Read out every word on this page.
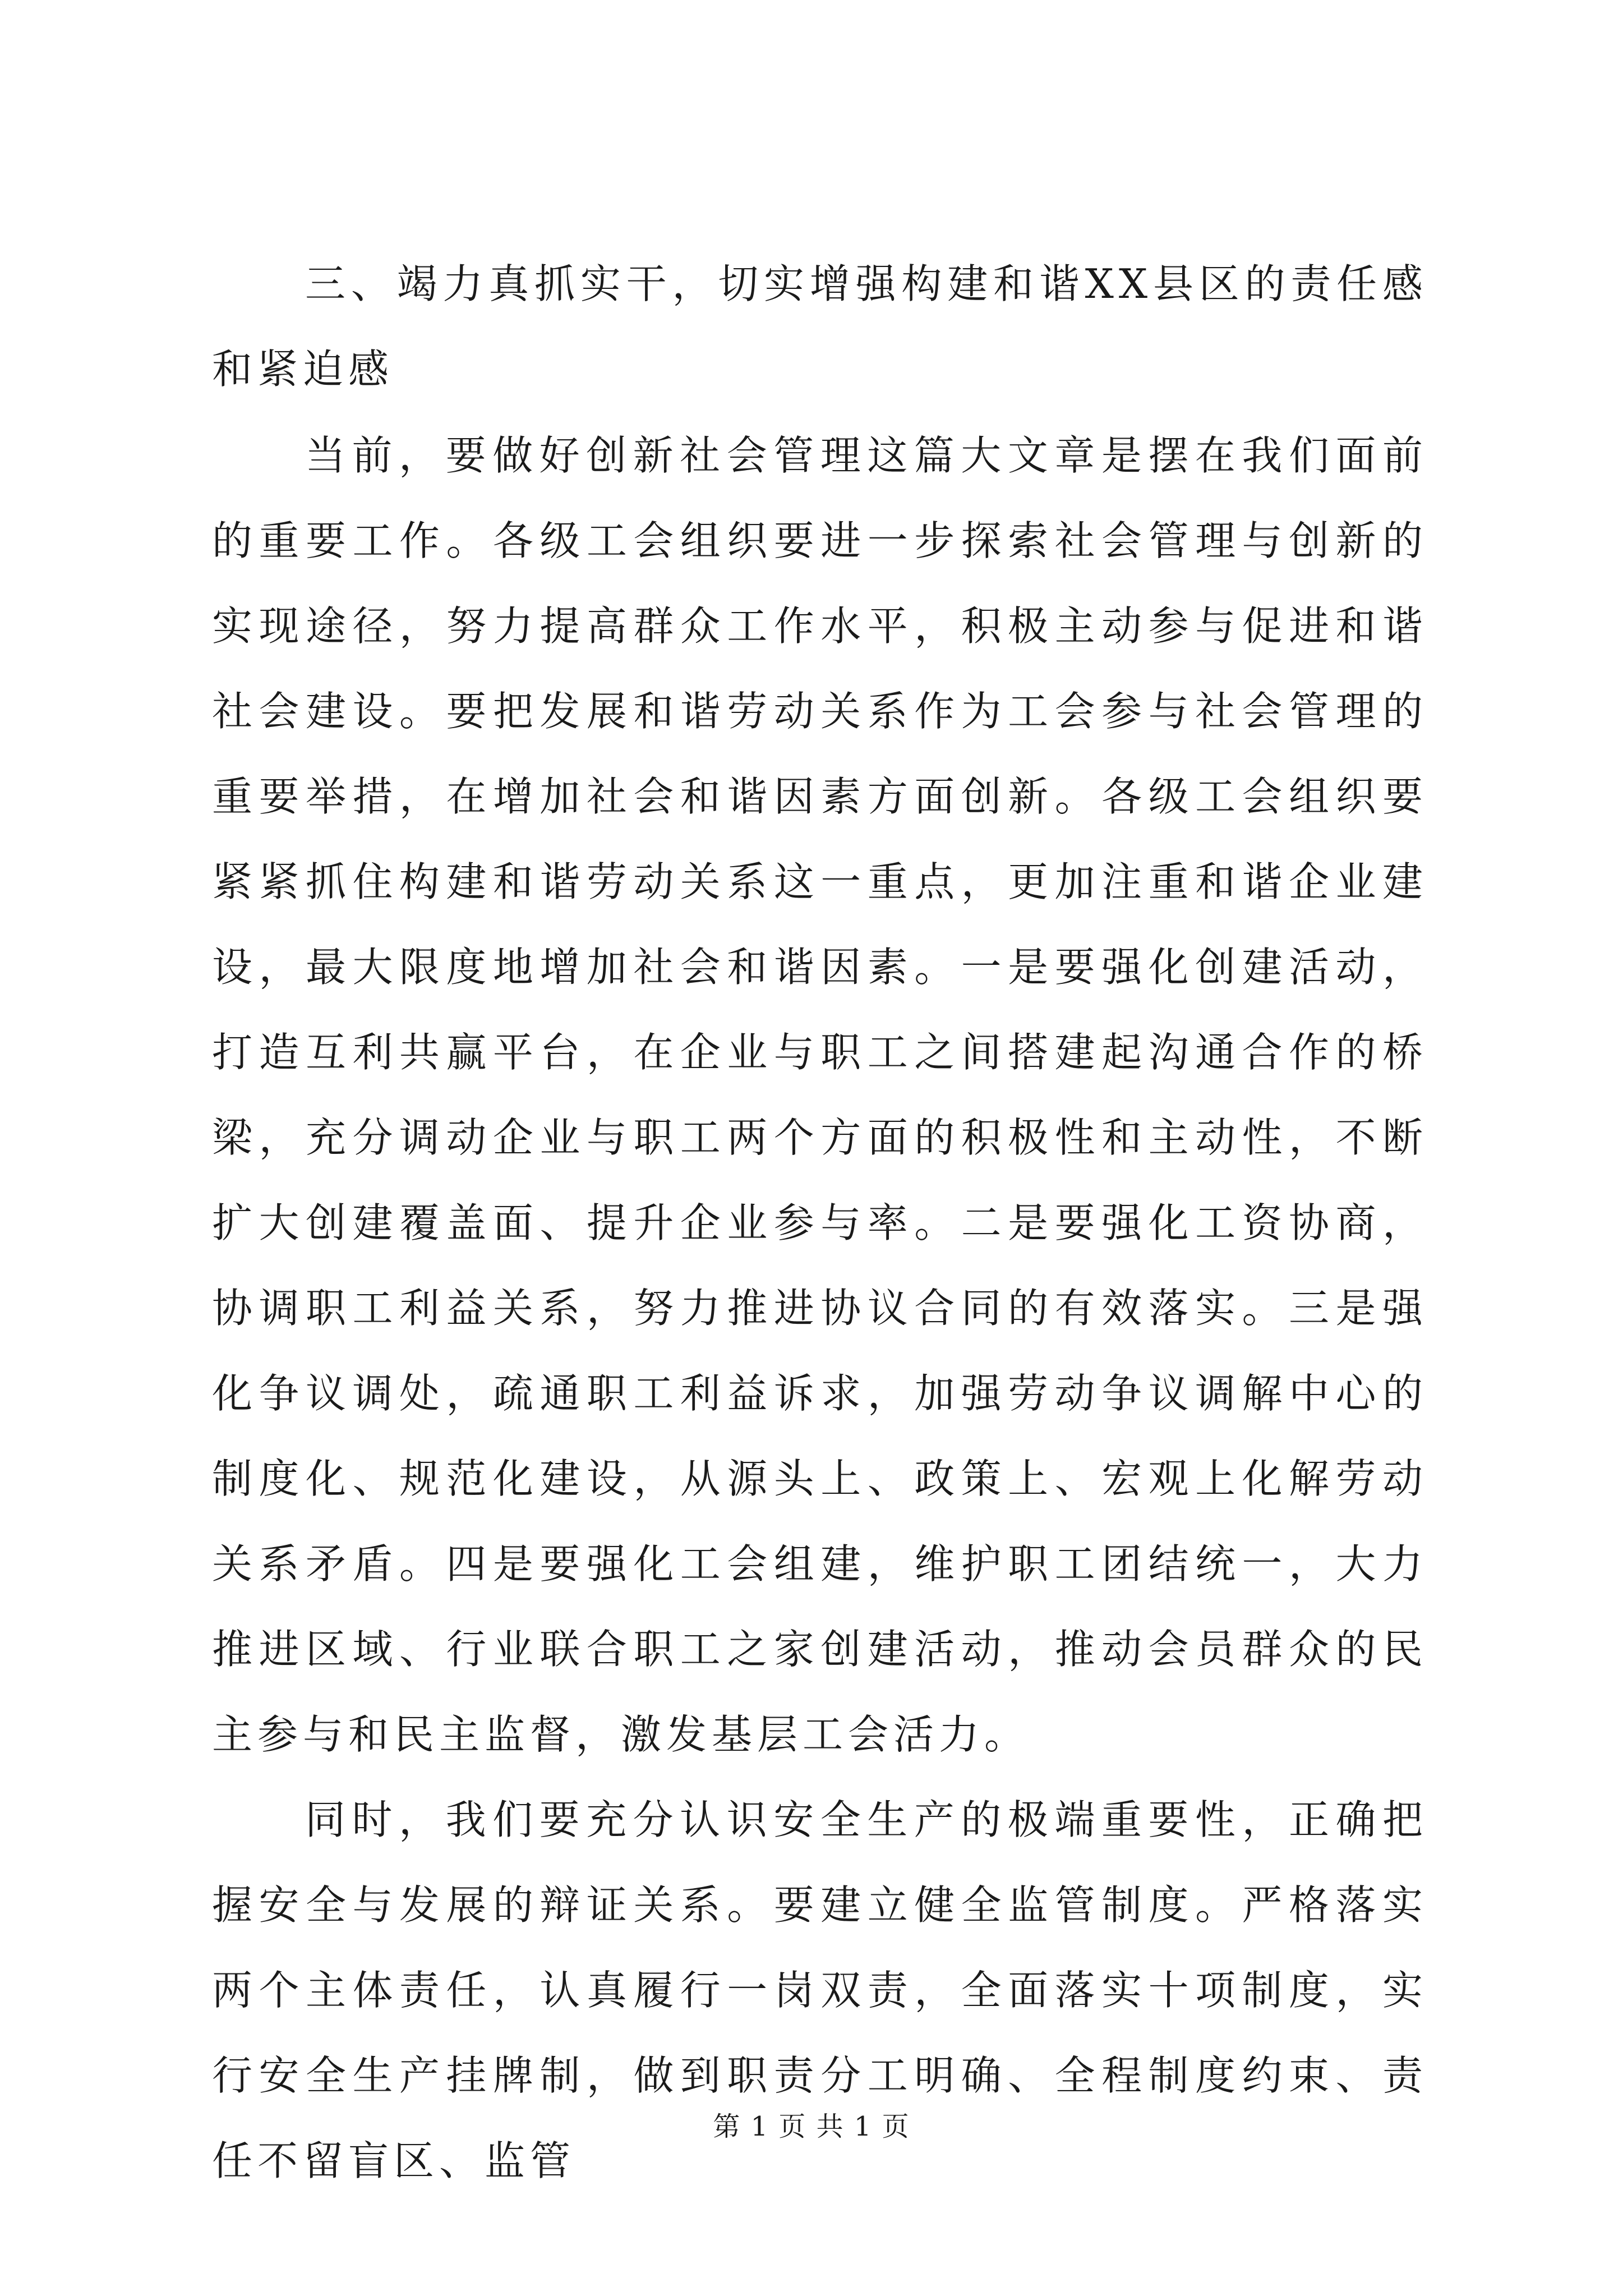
三、竭力真抓实干，切实增强构建和谐XX县区的责任感和紧迫感

当前，要做好创新社会管理这篇大文章是摆在我们面前的重要工作。各级工会组织要进一步探索社会管理与创新的实现途径，努力提高群众工作水平，积极主动参与促进和谐社会建设。要把发展和谐劳动关系作为工会参与社会管理的重要举措，在增加社会和谐因素方面创新。各级工会组织要紧紧抓住构建和谐劳动关系这一重点，更加注重和谐企业建设，最大限度地增加社会和谐因素。一是要强化创建活动，打造互利共赢平台，在企业与职工之间搭建起沟通合作的桥梁，充分调动企业与职工两个方面的积极性和主动性，不断扩大创建覆盖面、提升企业参与率。二是要强化工资协商，协调职工利益关系，努力推进协议合同的有效落实。三是强化争议调处，疏通职工利益诉求，加强劳动争议调解中心的制度化、规范化建设，从源头上、政策上、宏观上化解劳动关系矛盾。四是要强化工会组建，维护职工团结统一，大力推进区域、行业联合职工之家创建活动，推动会员群众的民主参与和民主监督，激发基层工会活力。

同时，我们要充分认识安全生产的极端重要性，正确把握安全与发展的辩证关系。要建立健全监管制度。严格落实两个主体责任，认真履行一岗双责，全面落实十项制度，实行安全生产挂牌制，做到职责分工明确、全程制度约束、责任不留盲区、监管

第 1 页 共 1 页
